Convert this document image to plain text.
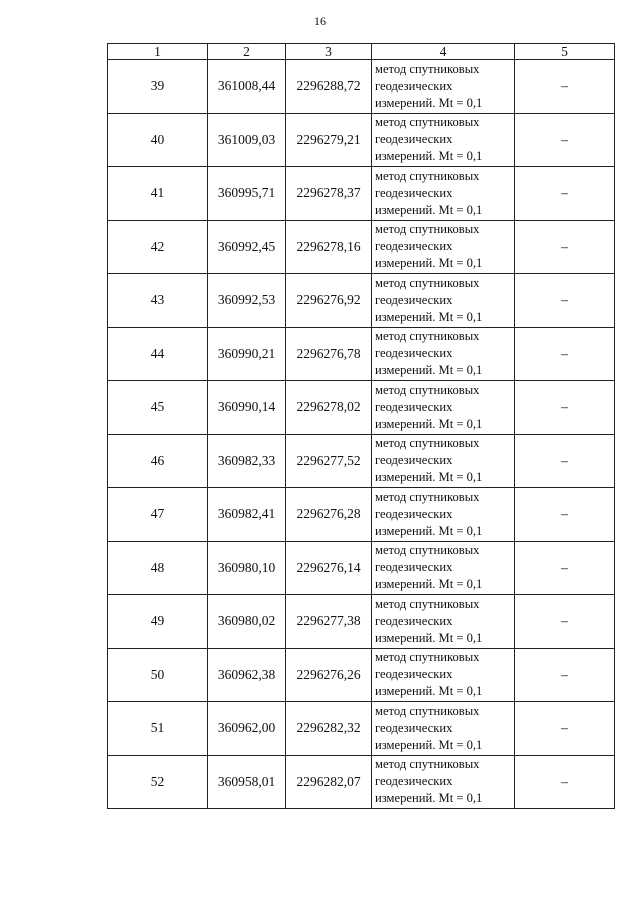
16
1	2	3	4	5
39	361008,44	2296288,72	метод спутниковых
геодезических
измерений. Mt = 0,1	–
40	361009,03	2296279,21	метод спутниковых
геодезических
измерений. Mt = 0,1	–
41	360995,71	2296278,37	метод спутниковых
геодезических
измерений. Mt = 0,1	–
42	360992,45	2296278,16	метод спутниковых
геодезических
измерений. Mt = 0,1	–
43	360992,53	2296276,92	метод спутниковых
геодезических
измерений. Mt = 0,1	–
44	360990,21	2296276,78	метод спутниковых
геодезических
измерений. Mt = 0,1	–
45	360990,14	2296278,02	метод спутниковых
геодезических
измерений. Mt = 0,1	–
46	360982,33	2296277,52	метод спутниковых
геодезических
измерений. Mt = 0,1	–
47	360982,41	2296276,28	метод спутниковых
геодезических
измерений. Mt = 0,1	–
48	360980,10	2296276,14	метод спутниковых
геодезических
измерений. Mt = 0,1	–
49	360980,02	2296277,38	метод спутниковых
геодезических
измерений. Mt = 0,1	–
50	360962,38	2296276,26	метод спутниковых
геодезических
измерений. Mt = 0,1	–
51	360962,00	2296282,32	метод спутниковых
геодезических
измерений. Mt = 0,1	–
52	360958,01	2296282,07	метод спутниковых
геодезических
измерений. Mt = 0,1	–
